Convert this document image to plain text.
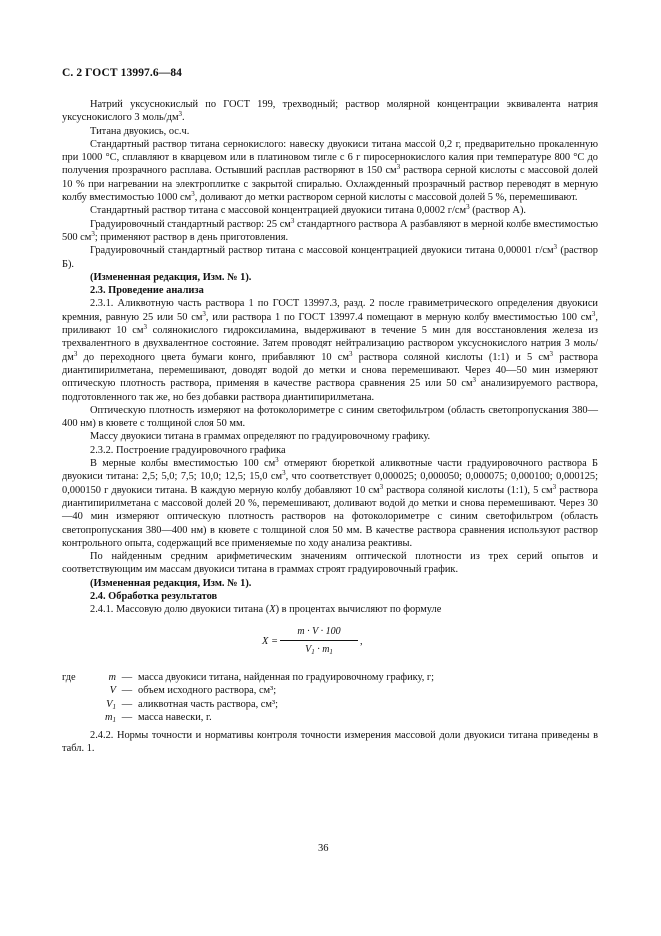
С. 2 ГОСТ 13997.6—84

Натрий уксуснокислый по ГОСТ 199, трехводный; раствор молярной концентрации эквивалента натрия уксуснокислого 3 моль/$дм^3$.

Титана двуокись, ос.ч.

Стандартный раствор титана сернокислого: навеску двуокиси титана массой 0,2 г, предварительно прокаленную при 1000 °С, сплавляют в кварцевом или в платиновом тигле с 6 г пиросернокислого калия при температуре 800 °С до получения прозрачного расплава. Остывший расплав растворяют в 150 $см^3$ раствора серной кислоты с массовой долей 10 % при нагревании на электроплитке с закрытой спиралью. Охлажденный прозрачный раствор переводят в мерную колбу вместимостью 1000 $см^3$, доливают до метки раствором серной кислоты с массовой долей 5 %, перемешивают.

Стандартный раствор титана с массовой концентрацией двуокиси титана 0,0002 $г/см^3$ (раствор А).

Градуировочный стандартный раствор: 25 $см^3$ стандартного раствора А разбавляют в мерной колбе вместимостью 500 $см^3$; применяют раствор в день приготовления.

Градуировочный стандартный раствор титана с массовой концентрацией двуокиси титана 0,00001 $г/см^3$ (раствор Б).

(Измененная редакция, Изм. № 1).

2.3. Проведение анализа

2.3.1. Аликвотную часть раствора 1 по ГОСТ 13997.3, разд. 2 после гравиметрического определения двуокиси кремния, равную 25 или 50 $см^3$, или раствора 1 по ГОСТ 13997.4 помещают в мерную колбу вместимостью 100 $см^3$, приливают 10 $см^3$ солянокислого гидроксиламина, выдерживают в течение 5 мин для восстановления железа из трехвалентного в двухвалентное состояние. Затем проводят нейтрализацию раствором уксуснокислого натрия 3 моль/$дм^3$ до переходного цвета бумаги конго, прибавляют 10 $см^3$ раствора соляной кислоты (1:1) и 5 $см^3$ раствора диантипирилметана, перемешивают, доводят водой до метки и снова перемешивают. Через 40—50 мин измеряют оптическую плотность раствора, применяя в качестве раствора сравнения 25 или 50 $см^3$ анализируемого раствора, подготовленного так же, но без добавки раствора диантипирилметана.

Оптическую плотность измеряют на фотоколориметре с синим светофильтром (область светопропускания 380—400 нм) в кювете с толщиной слоя 50 мм.

Массу двуокиси титана в граммах определяют по градуировочному графику.

2.3.2. Построение градуировочного графика

В мерные колбы вместимостью 100 $см^3$ отмеряют бюреткой аликвотные части градуировочного раствора Б двуокиси титана: 2,5; 5,0; 7,5; 10,0; 12,5; 15,0 $см^3$, что соответствует 0,000025; 0,000050; 0,000075; 0,000100; 0,000125; 0,000150 г двуокиси титана. В каждую мерную колбу добавляют 10 $см^3$ раствора соляной кислоты (1:1), 5 $см^3$ раствора диантипирилметана с массовой долей 20 %, перемешивают, доливают водой до метки и снова перемешивают. Через 30—40 мин измеряют оптическую плотность растворов на фотоколориметре с синим светофильтром (область светопропускания 380—400 нм) в кювете с толщиной слоя 50 мм. В качестве раствора сравнения используют раствор контрольного опыта, содержащий все применяемые по ходу анализа реактивы.

По найденным средним арифметическим значениям оптической плотности из трех серий опытов и соответствующим им массам двуокиси титана в граммах строят градуировочный график.

(Измененная редакция, Изм. № 1).

2.4. Обработка результатов

2.4.1. Массовую долю двуокиси титана (X) в процентах вычисляют по формуле

$X = \frac{m \cdot V \cdot 100}{V_1 \cdot m_1}$ ,
где	m — масса двуокиси титана, найденная по градуировочному графику, г;
V — объем исходного раствора, см³;
$V_1$ — аликвотная часть раствора, см³;
$m_1$ — масса навески, г.

2.4.2. Нормы точности и нормативы контроля точности измерения массовой доли двуокиси титана приведены в табл. 1.

36
